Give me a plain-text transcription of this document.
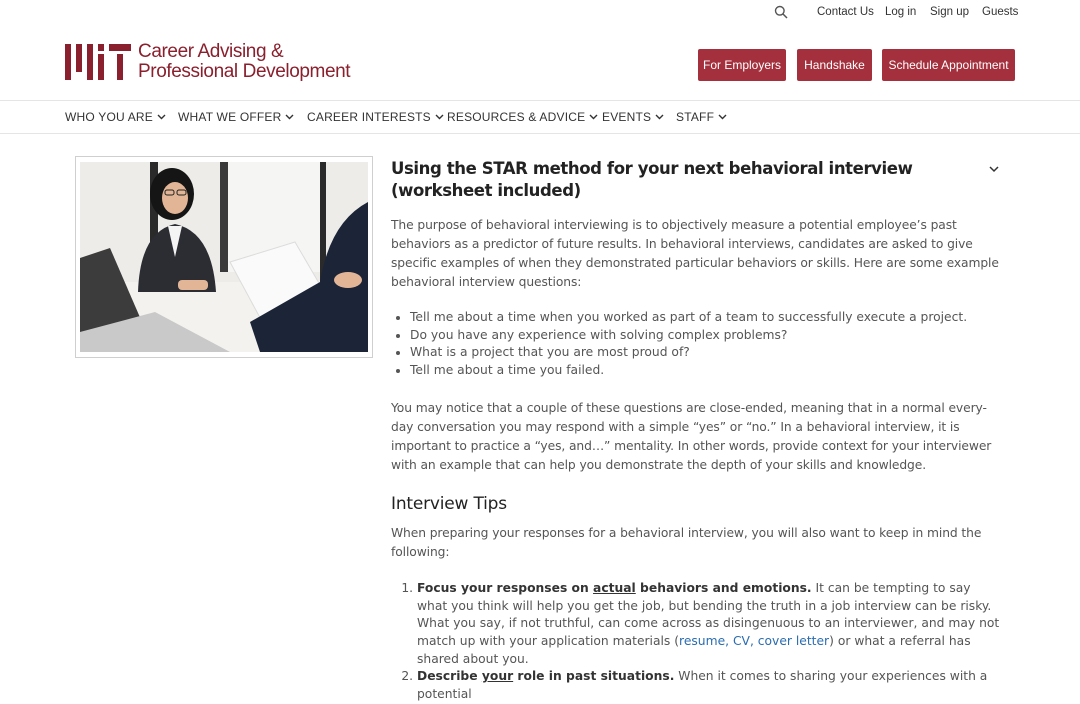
Contact Us Log in Sign up Guests
Career Advising &
Professional Development	For Employers	Handshake	Schedule Appointment
WHO YOU ARE WHAT WE OFFER CAREER INTERESTS RESOURCES & ADVICE EVENTS STAFF
Using the STAR method for your next behavioral interview (worksheet included)

The purpose of behavioral interviewing is to objectively measure a potential employee’s past behaviors as a predictor of future results. In behavioral interviews, candidates are asked to give specific examples of when they demonstrated particular behaviors or skills. Here are some example behavioral interview questions:

• Tell me about a time when you worked as part of a team to successfully execute a project.
• Do you have any experience with solving complex problems?
• What is a project that you are most proud of?
• Tell me about a time you failed.

You may notice that a couple of these questions are close-ended, meaning that in a normal every-day conversation you may respond with a simple “yes” or “no.” In a behavioral interview, it is important to practice a “yes, and…” mentality. In other words, provide context for your interviewer with an example that can help you demonstrate the depth of your skills and knowledge.

Interview Tips

When preparing your responses for a behavioral interview, you will also want to keep in mind the following:

1. Focus your responses on actual behaviors and emotions. It can be tempting to say what you think will help you get the job, but bending the truth in a job interview can be risky. What you say, if not truthful, can come across as disingenuous to an interviewer, and may not match up with your application materials (resume, CV, cover letter) or what a referral has shared about you.
2. Describe your role in past situations. When it comes to sharing your experiences with a potential
